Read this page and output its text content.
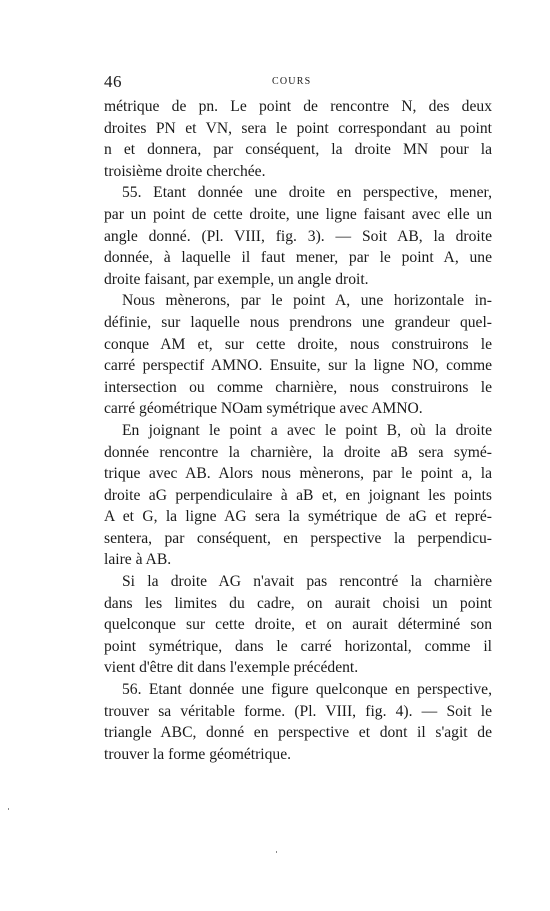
46	COURS
métrique de pn. Le point de rencontre N, des deux
droites PN et VN, sera le point correspondant au point
n et donnera, par conséquent, la droite MN pour la
troisième droite cherchée.
55. Etant donnée une droite en perspective, mener,
par un point de cette droite, une ligne faisant avec elle un
angle donné. (Pl. VIII, fig. 3). — Soit AB, la droite
donnée, à laquelle il faut mener, par le point A, une
droite faisant, par exemple, un angle droit.
Nous mènerons, par le point A, une horizontale in-
définie, sur laquelle nous prendrons une grandeur quel-
conque AM et, sur cette droite, nous construirons le
carré perspectif AMNO. Ensuite, sur la ligne NO, comme
intersection ou comme charnière, nous construirons le
carré géométrique NOam symétrique avec AMNO.
En joignant le point a avec le point B, où la droite
donnée rencontre la charnière, la droite aB sera symé-
trique avec AB. Alors nous mènerons, par le point a, la
droite aG perpendiculaire à aB et, en joignant les points
A et G, la ligne AG sera la symétrique de aG et repré-
sentera, par conséquent, en perspective la perpendicu-
laire à AB.
Si la droite AG n'avait pas rencontré la charnière
dans les limites du cadre, on aurait choisi un point
quelconque sur cette droite, et on aurait déterminé son
point symétrique, dans le carré horizontal, comme il
vient d'être dit dans l'exemple précédent.
56. Etant donnée une figure quelconque en perspective,
trouver sa véritable forme. (Pl. VIII, fig. 4). — Soit le
triangle ABC, donné en perspective et dont il s'agit de
trouver la forme géométrique.
